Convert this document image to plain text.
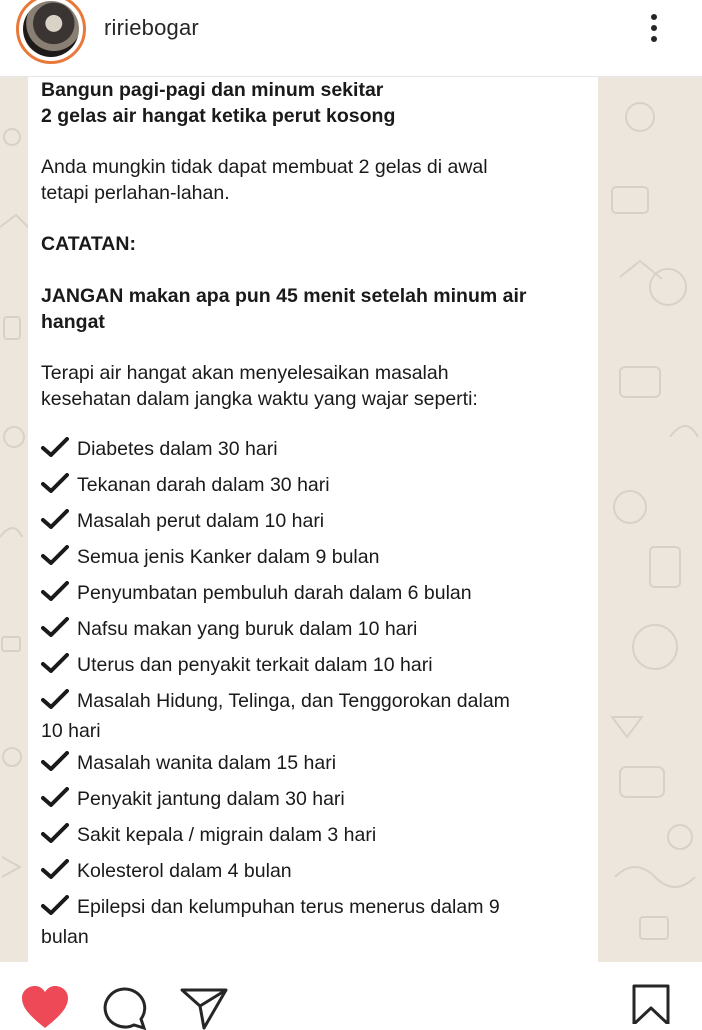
ririebogar
Bangun pagi-pagi dan minum sekitar
2 gelas air hangat ketika perut kosong
Anda mungkin tidak dapat membuat 2 gelas di awal
tetapi perlahan-lahan.
CATATAN:
JANGAN makan apa pun 45 menit setelah minum air
hangat
Terapi air hangat akan menyelesaikan masalah
kesehatan dalam jangka waktu yang wajar seperti:
Diabetes dalam 30 hari
Tekanan darah dalam 30 hari
Masalah perut dalam 10 hari
Semua jenis Kanker dalam 9 bulan
Penyumbatan pembuluh darah dalam 6 bulan
Nafsu makan yang buruk dalam 10 hari
Uterus dan penyakit terkait dalam 10 hari
Masalah Hidung, Telinga, dan Tenggorokan dalam
10 hari
Masalah wanita dalam 15 hari
Penyakit jantung dalam 30 hari
Sakit kepala / migrain dalam 3 hari
Kolesterol dalam 4 bulan
Epilepsi dan kelumpuhan terus menerus dalam 9
bulan
